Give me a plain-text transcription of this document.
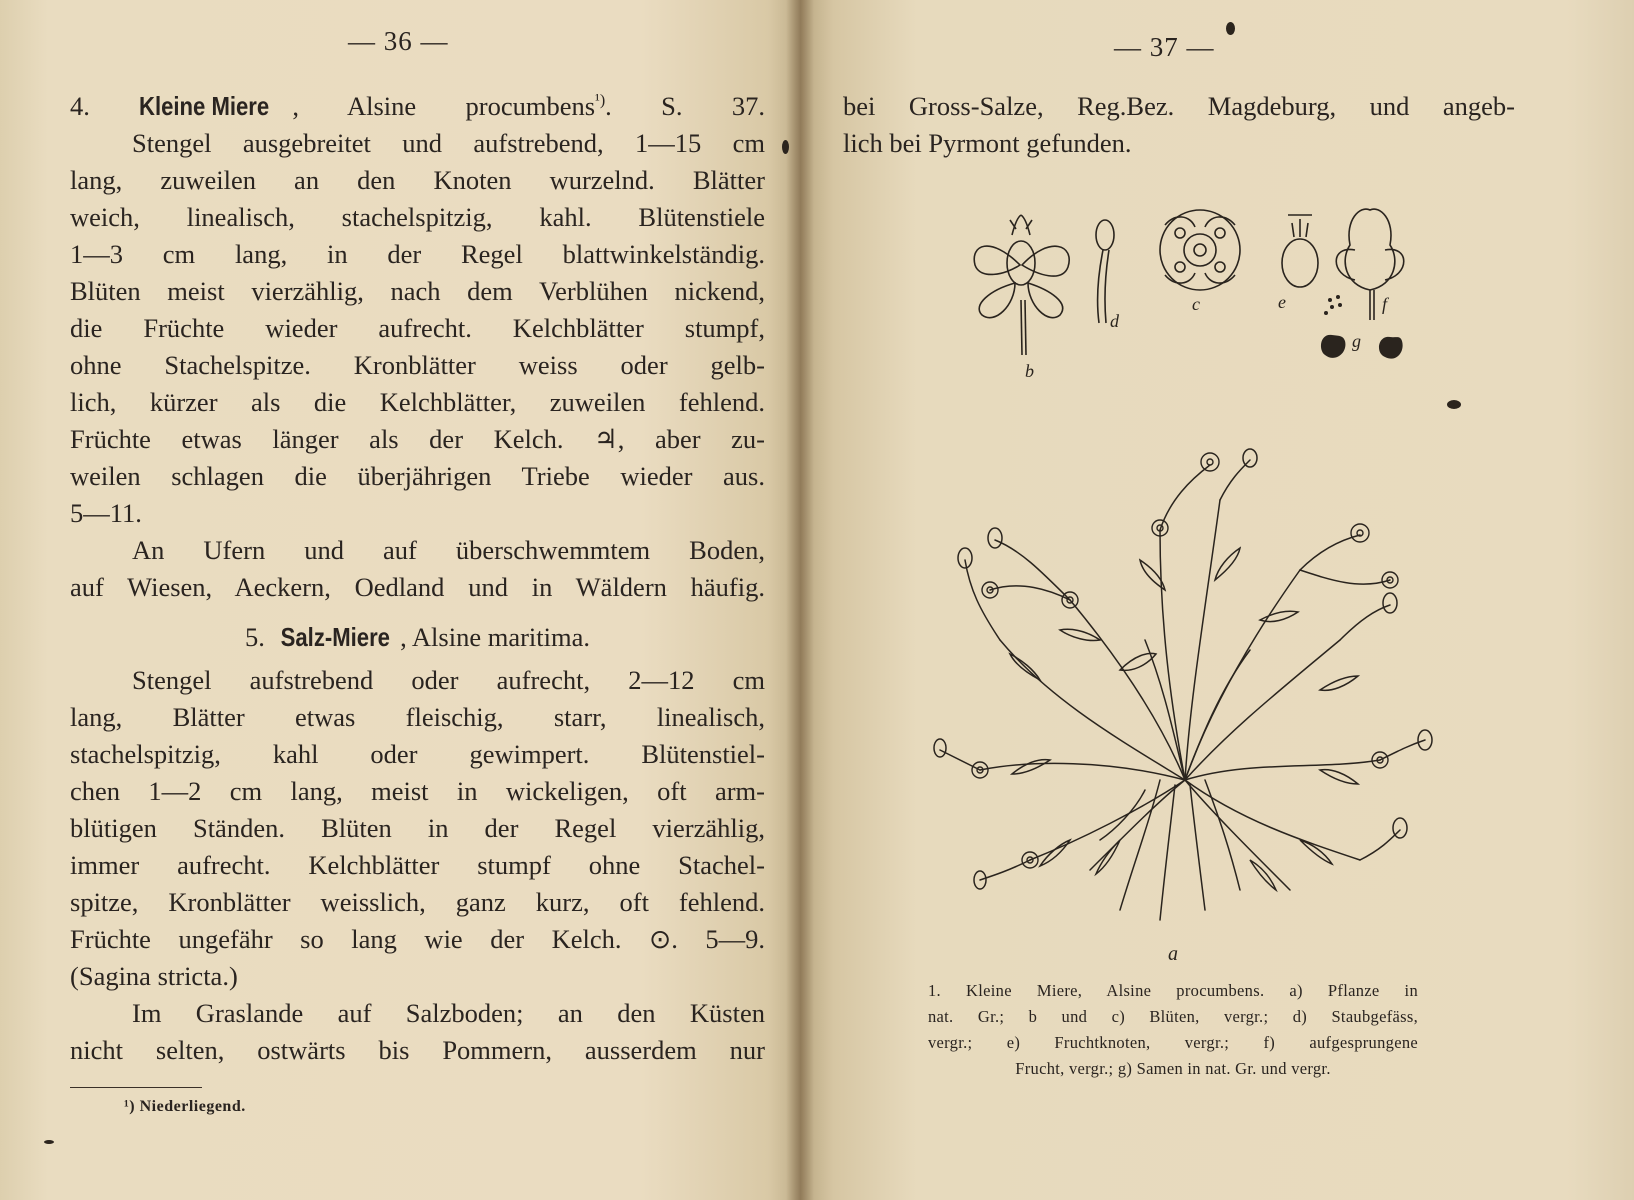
— 36 —
4. Kleine Miere , Alsine procumbens$^{^1)}$. S. 37.
Stengel ausgebreitet und aufstrebend, 1—15 cm
lang, zuweilen an den Knoten wurzelnd. Blätter
weich, linealisch, stachelspitzig, kahl. Blütenstiele
1—3 cm lang, in der Regel blattwinkelständig.
Blüten meist vierzählig, nach dem Verblühen nickend,
die Früchte wieder aufrecht. Kelchblätter stumpf,
ohne Stachelspitze. Kronblätter weiss oder gelb-
lich, kürzer als die Kelchblätter, zuweilen fehlend.
Früchte etwas länger als der Kelch. ♃, aber zu-
weilen schlagen die überjährigen Triebe wieder aus.
5—11.
An Ufern und auf überschwemmtem Boden,
auf Wiesen, Aeckern, Oedland und in Wäldern häufig.
5. Salz-Miere , Alsine maritima.
Stengel aufstrebend oder aufrecht, 2—12 cm
lang, Blätter etwas fleischig, starr, linealisch,
stachelspitzig, kahl oder gewimpert. Blütenstiel-
chen 1—2 cm lang, meist in wickeligen, oft arm-
blütigen Ständen. Blüten in der Regel vierzählig,
immer aufrecht. Kelchblätter stumpf ohne Stachel-
spitze, Kronblätter weisslich, ganz kurz, oft fehlend.
Früchte ungefähr so lang wie der Kelch. ⊙. 5—9.
(Sagina stricta.)
Im Graslande auf Salzboden; an den Küsten
nicht selten, ostwärts bis Pommern, ausserdem nur
¹) Niederliegend.
— 37 —
bei Gross-Salze, Reg.Bez. Magdeburg, und angeb-
lich bei Pyrmont gefunden.
b
d
c	e	f
g
a
1. Kleine Miere, Alsine procumbens. a) Pflanze in
nat. Gr.; b und c) Blüten, vergr.; d) Staubgefäss,
vergr.; e) Fruchtknoten, vergr.; f) aufgesprungene
Frucht, vergr.; g) Samen in nat. Gr. und vergr.
